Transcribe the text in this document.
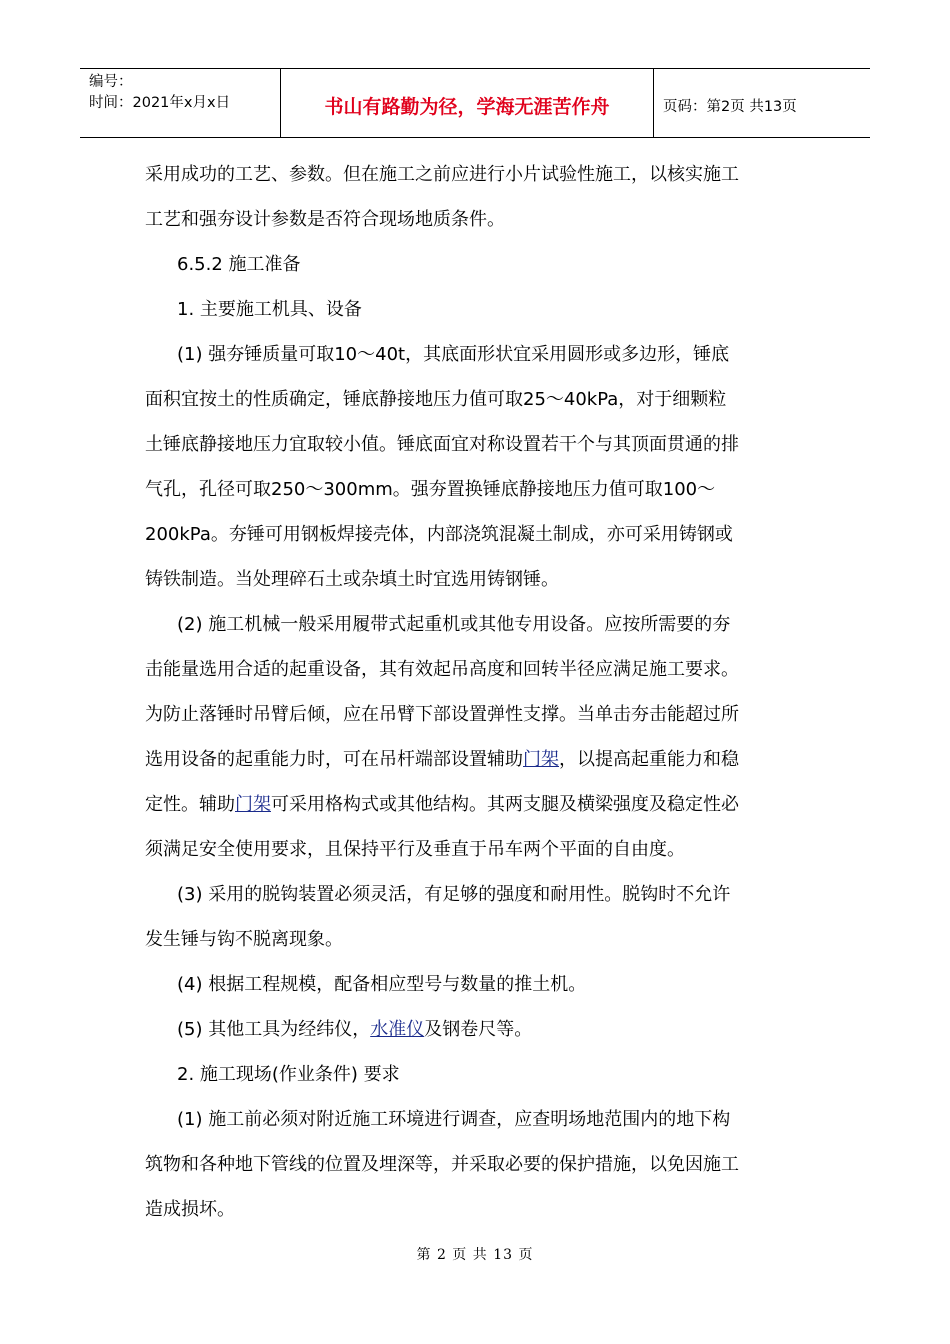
编号：
时间：2021年x月x日	书山有路勤为径，学海无涯苦作舟	页码：第2页 共13页
采用成功的工艺、参数。但在施工之前应进行小片试验性施工，以核实施工
工艺和强夯设计参数是否符合现场地质条件。
6.5.2 施工准备
1. 主要施工机具、设备
(1) 强夯锤质量可取10～40t，其底面形状宜采用圆形或多边形，锤底
面积宜按土的性质确定，锤底静接地压力值可取25～40kPa，对于细颗粒
土锤底静接地压力宜取较小值。锤底面宜对称设置若干个与其顶面贯通的排
气孔，孔径可取250～300mm。强夯置换锤底静接地压力值可取100～
200kPa。夯锤可用钢板焊接壳体，内部浇筑混凝土制成，亦可采用铸钢或
铸铁制造。当处理碎石土或杂填土时宜选用铸钢锤。
(2) 施工机械一般采用履带式起重机或其他专用设备。应按所需要的夯
击能量选用合适的起重设备，其有效起吊高度和回转半径应满足施工要求。
为防止落锤时吊臂后倾，应在吊臂下部设置弹性支撑。当单击夯击能超过所
选用设备的起重能力时，可在吊杆端部设置辅助门架，以提高起重能力和稳
定性。辅助门架可采用格构式或其他结构。其两支腿及横梁强度及稳定性必
须满足安全使用要求，且保持平行及垂直于吊车两个平面的自由度。
(3) 采用的脱钩装置必须灵活，有足够的强度和耐用性。脱钩时不允许
发生锤与钩不脱离现象。
(4) 根据工程规模，配备相应型号与数量的推土机。
(5) 其他工具为经纬仪，水准仪及钢卷尺等。
2. 施工现场(作业条件) 要求
(1) 施工前必须对附近施工环境进行调查，应查明场地范围内的地下构
筑物和各种地下管线的位置及埋深等，并采取必要的保护措施，以免因施工
造成损坏。
第 2 页 共 13 页
